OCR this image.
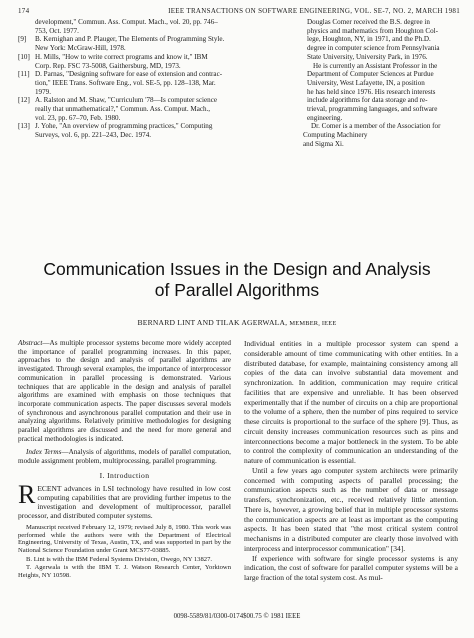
174	IEEE TRANSACTIONS ON SOFTWARE ENGINEERING, VOL. SE-7, NO. 2, MARCH 1981
development," Commun. Ass. Comput. Mach., vol. 20, pp. 746–
753, Oct. 1977.
[9]	B. Kernighan and P. Plauger, The Elements of Programming Style.
New York: McGraw-Hill, 1978.
[10] H. Mills, "How to write correct programs and know it," IBM
Corp. Rep. FSC 73-5008, Gaithersburg, MD, 1973.
[11] D. Parnas, "Designing software for ease of extension and contrac-
tion," IEEE Trans. Software Eng., vol. SE-5, pp. 128–138, Mar.
1979.
[12] A. Ralston and M. Shaw, "Curriculum '78—Is computer science
really that unmathematical?," Commun. Ass. Comput. Mach.,
vol. 23, pp. 67–70, Feb. 1980.
[13] J. Yohe, "An overview of programming practices," Computing
Surveys, vol. 6, pp. 221–243, Dec. 1974.
Douglas Comer received the B.S. degree in
physics and mathematics from Houghton Col-
lege, Houghton, NY, in 1971, and the Ph.D.
degree in computer science from Pennsylvania
State University, University Park, in 1976.
He is currently an Assistant Professor in the
Department of Computer Sciences at Purdue
University, West Lafayette, IN, a position
he has held since 1976. His research interests
include algorithms for data storage and re-
trieval, programming languages, and software
engineering.
Dr. Comer is a member of the Association for Computing Machinery
and Sigma Xi.
Communication Issues in the Design and Analysis
of Parallel Algorithms
BERNARD LINT AND TILAK AGERWALA, MEMBER, IEEE

Abstract—As multiple processor systems become more widely accepted the importance of parallel programming increases. In this paper, approaches to the design and analysis of parallel algorithms are investigated. Through several examples, the importance of interprocessor communication in parallel processing is demonstrated. Various techniques that are applicable in the design and analysis of parallel algorithms are examined with emphasis on those techniques that incorporate communication aspects. The paper discusses several models of synchronous and asynchronous parallel computation and their use in analyzing algorithms. Relatively primitive methodologies for designing parallel algorithms are discussed and the need for more general and practical methodologies is indicated.

Index Terms—Analysis of algorithms, models of parallel computation, module assignment problem, multiprocessing, parallel programming.

I. Introduction

RECENT advances in LSI technology have resulted in low cost computing capabilities that are providing further impetus to the investigation and development of multiprocessor, parallel processor, and distributed computer systems.

Manuscript received February 12, 1979; revised July 8, 1980. This work was performed while the authors were with the Department of Electrical Engineering, University of Texas, Austin, TX, and was supported in part by the National Science Foundation under Grant MCS77-03885.

B. Lint is with the IBM Federal Systems Division, Owego, NY 13827.

T. Agerwala is with the IBM T. J. Watson Research Center, Yorktown Heights, NY 10598.

Individual entities in a multiple processor system can spend a considerable amount of time communicating with other entities. In a distributed database, for example, maintaining consistency among all copies of the data can involve substantial data movement and synchronization. In addition, communication may require critical facilities that are expensive and unreliable. It has been observed experimentally that if the number of circuits on a chip are proportional to the volume of a sphere, then the number of pins required to service these circuits is proportional to the surface of the sphere [9]. Thus, as circuit density increases communication resources such as pins and interconnections become a major bottleneck in the system. To be able to control the complexity of communication an understanding of the nature of communication is essential.

Until a few years ago computer system architects were primarily concerned with computing aspects of parallel processing; the communication aspects such as the number of data or message transfers, synchronization, etc., received relatively little attention. There is, however, a growing belief that in multiple processor systems the communication aspects are at least as important as the computing aspects. It has been stated that "the most critical system control mechanisms in a distributed computer are clearly those involved with interprocess and interprocessor communication" [34].

If experience with software for single processor systems is any indication, the cost of software for parallel computer systems will be a large fraction of the total system cost. As mul-

0098-5589/81/0300-0174$00.75 © 1981 IEEE
